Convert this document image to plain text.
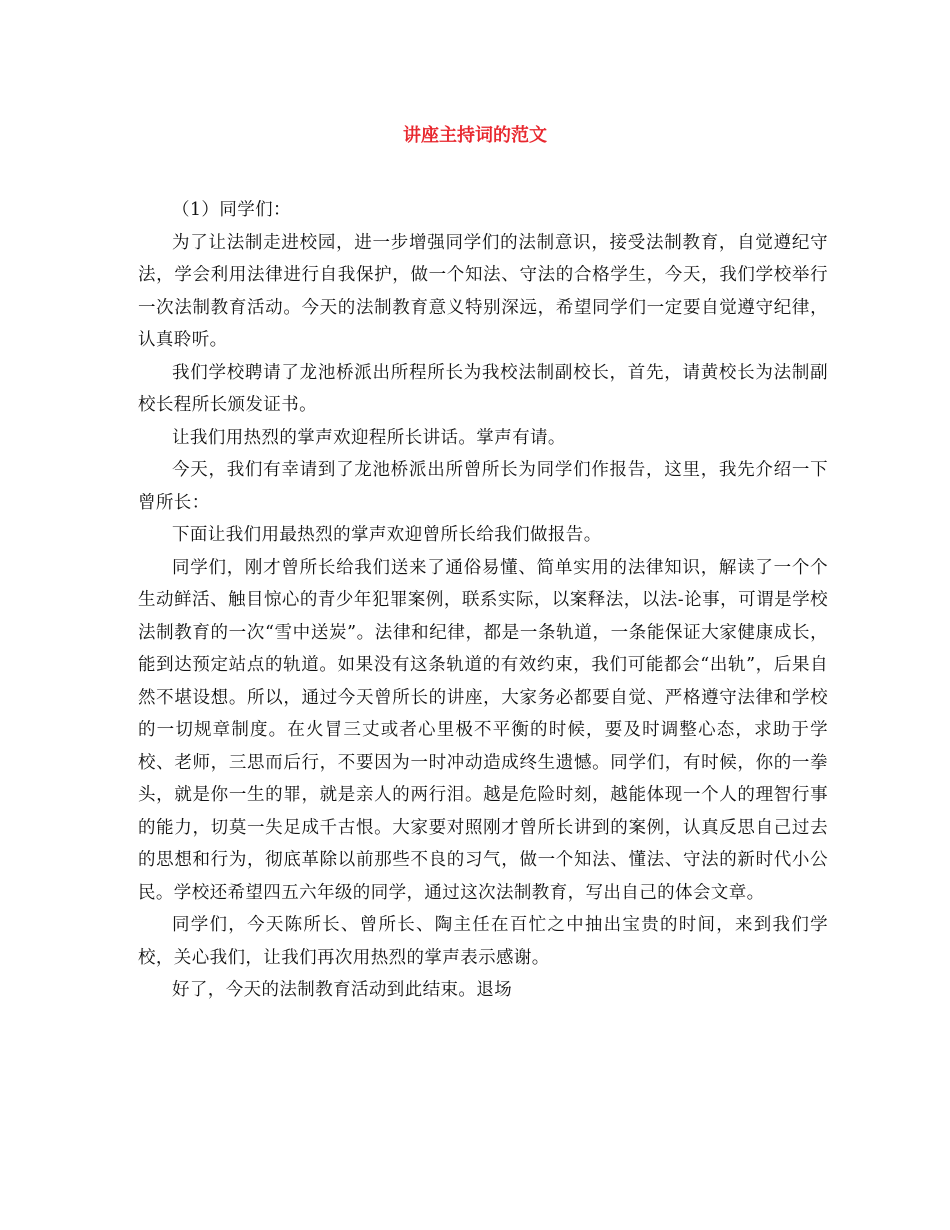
讲座主持词的范文

（1）同学们：

为了让法制走进校园，进一步增强同学们的法制意识，接受法制教育，自觉遵纪守法，学会利用法律进行自我保护，做一个知法、守法的合格学生，今天，我们学校举行一次法制教育活动。今天的法制教育意义特别深远，希望同学们一定要自觉遵守纪律，认真聆听。

我们学校聘请了龙池桥派出所程所长为我校法制副校长，首先，请黄校长为法制副校长程所长颁发证书。

让我们用热烈的掌声欢迎程所长讲话。掌声有请。

今天，我们有幸请到了龙池桥派出所曾所长为同学们作报告，这里，我先介绍一下曾所长：

下面让我们用最热烈的掌声欢迎曾所长给我们做报告。

同学们，刚才曾所长给我们送来了通俗易懂、简单实用的法律知识，解读了一个个生动鲜活、触目惊心的青少年犯罪案例，联系实际，以案释法，以法-论事，可谓是学校法制教育的一次“雪中送炭”。法律和纪律，都是一条轨道，一条能保证大家健康成长，能到达预定站点的轨道。如果没有这条轨道的有效约束，我们可能都会“出轨”，后果自然不堪设想。所以，通过今天曾所长的讲座，大家务必都要自觉、严格遵守法律和学校的一切规章制度。在火冒三丈或者心里极不平衡的时候，要及时调整心态，求助于学校、老师，三思而后行，不要因为一时冲动造成终生遗憾。同学们，有时候，你的一拳头，就是你一生的罪，就是亲人的两行泪。越是危险时刻，越能体现一个人的理智行事的能力，切莫一失足成千古恨。大家要对照刚才曾所长讲到的案例，认真反思自己过去的思想和行为，彻底革除以前那些不良的习气，做一个知法、懂法、守法的新时代小公民。学校还希望四五六年级的同学，通过这次法制教育，写出自己的体会文章。

同学们，今天陈所长、曾所长、陶主任在百忙之中抽出宝贵的时间，来到我们学校，关心我们，让我们再次用热烈的掌声表示感谢。

好了，今天的法制教育活动到此结束。退场
